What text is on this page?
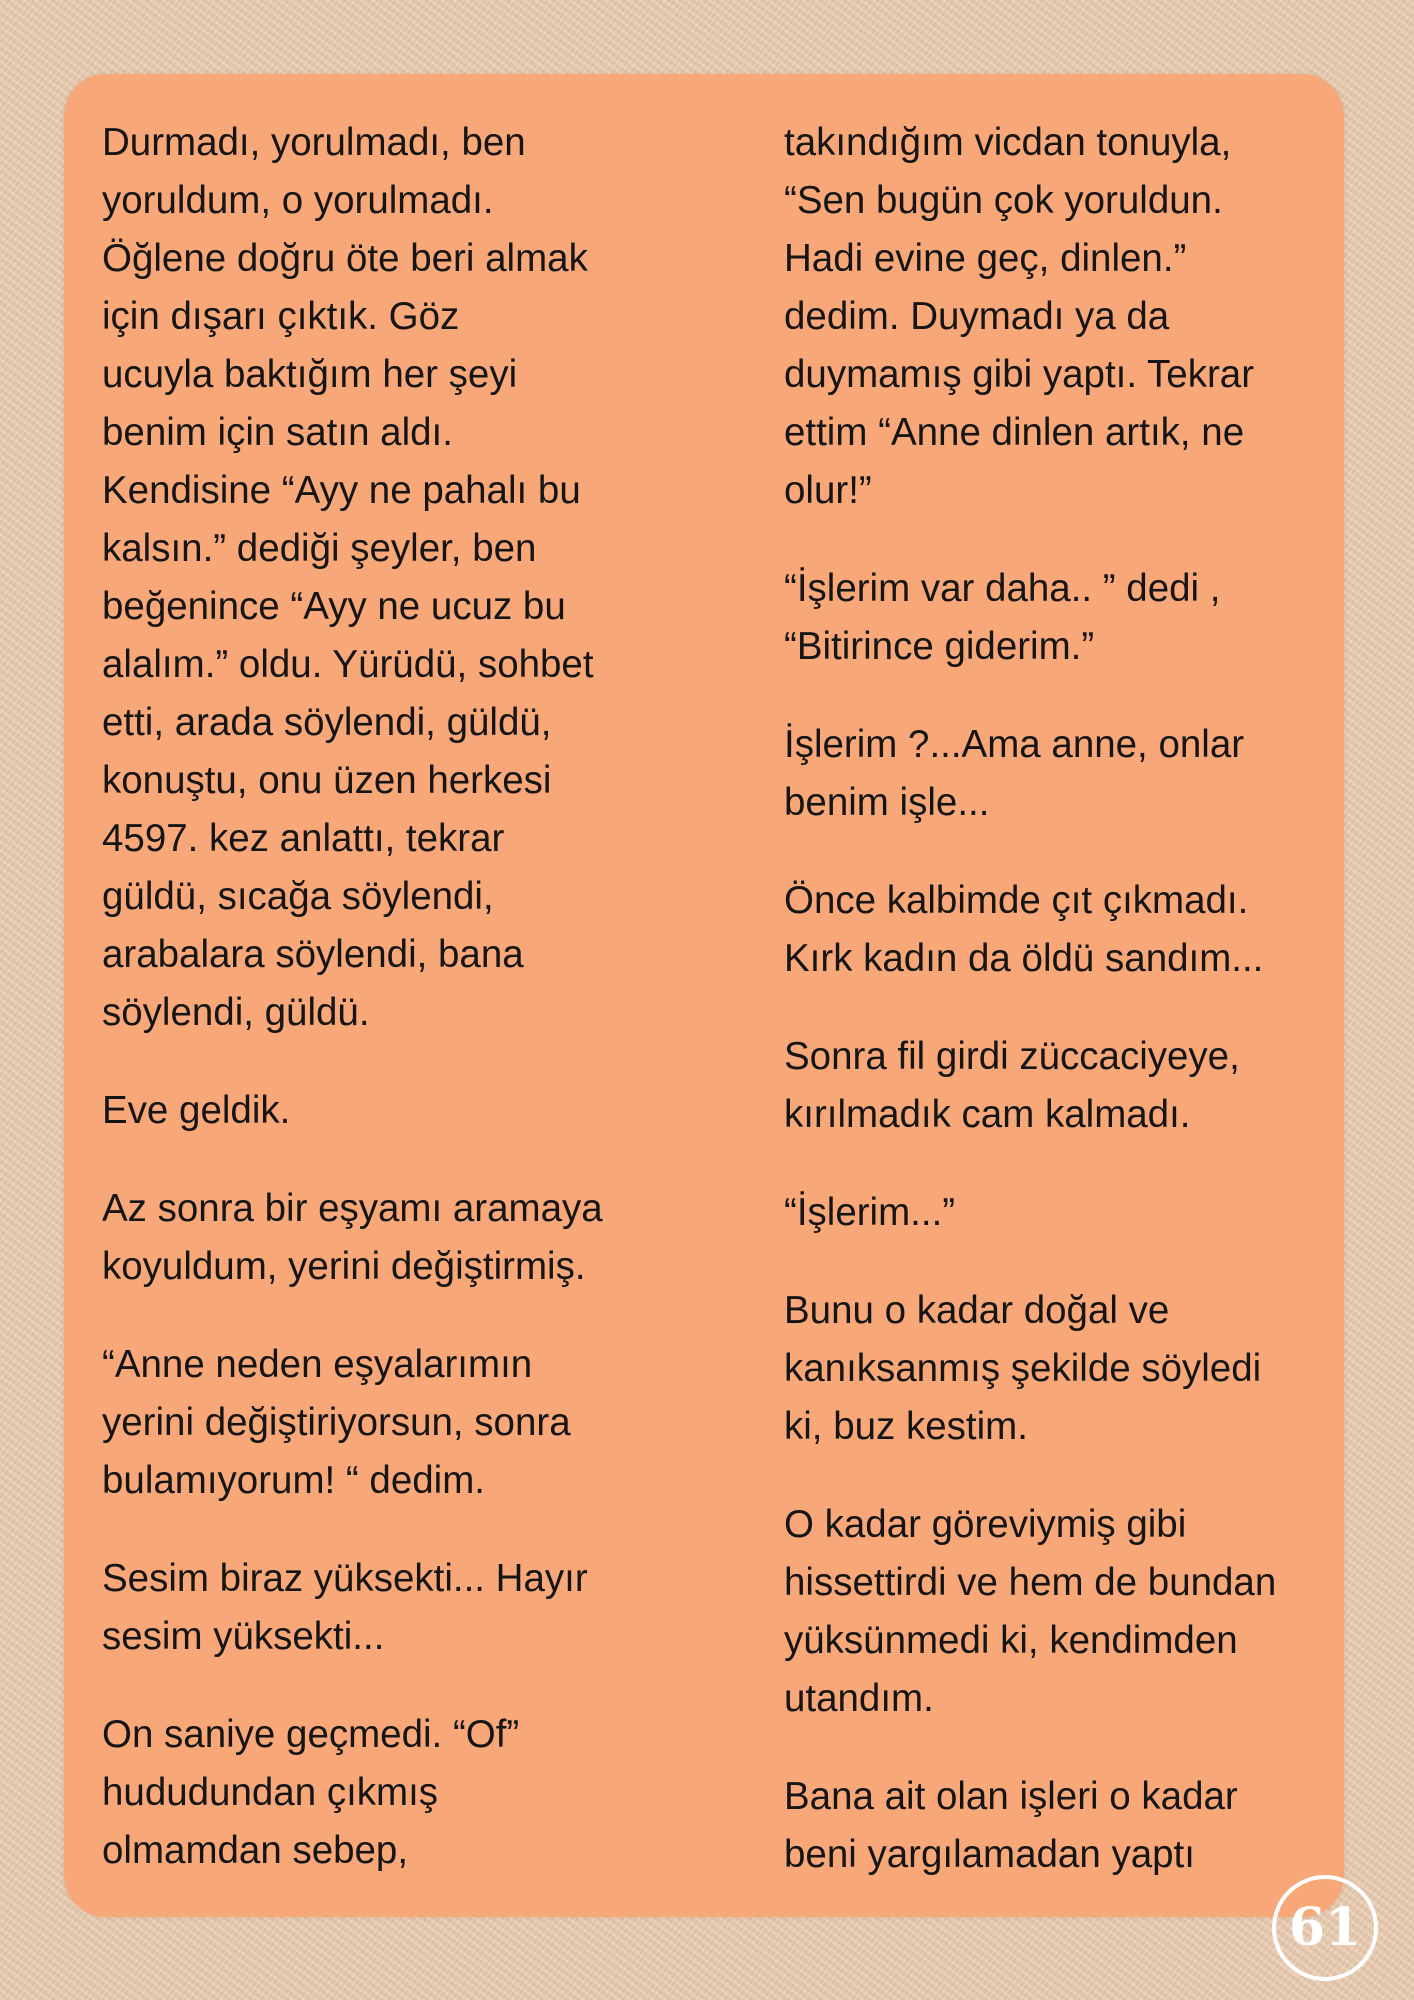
Durmadı, yorulmadı, ben
yoruldum, o yorulmadı.
Öğlene doğru öte beri almak
için dışarı çıktık. Göz
ucuyla baktığım her şeyi
benim için satın aldı.
Kendisine “Ayy ne pahalı bu
kalsın.” dediği şeyler, ben
beğenince “Ayy ne ucuz bu
alalım.” oldu. Yürüdü, sohbet
etti, arada söylendi, güldü,
konuştu, onu üzen herkesi
4597. kez anlattı, tekrar
güldü, sıcağa söylendi,
arabalara söylendi, bana
söylendi, güldü.

Eve geldik.

Az sonra bir eşyamı aramaya
koyuldum, yerini değiştirmiş.

“Anne neden eşyalarımın
yerini değiştiriyorsun, sonra
bulamıyorum! “ dedim.

Sesim biraz yüksekti... Hayır
sesim yüksekti...

On saniye geçmedi. “Of”
hududundan çıkmış
olmamdan sebep,

takındığım vicdan tonuyla,
“Sen bugün çok yoruldun.
Hadi evine geç, dinlen.”
dedim. Duymadı ya da
duymamış gibi yaptı. Tekrar
ettim “Anne dinlen artık, ne
olur!”

“İşlerim var daha.. ” dedi ,
“Bitirince giderim.”

İşlerim ?...Ama anne, onlar
benim işle...

Önce kalbimde çıt çıkmadı.
Kırk kadın da öldü sandım...

Sonra fil girdi züccaciyeye,
kırılmadık cam kalmadı.

“İşlerim...”

Bunu o kadar doğal ve
kanıksanmış şekilde söyledi
ki, buz kestim.

O kadar göreviymiş gibi
hissettirdi ve hem de bundan
yüksünmedi ki, kendimden
utandım.

Bana ait olan işleri o kadar
beni yargılamadan yaptı

61
